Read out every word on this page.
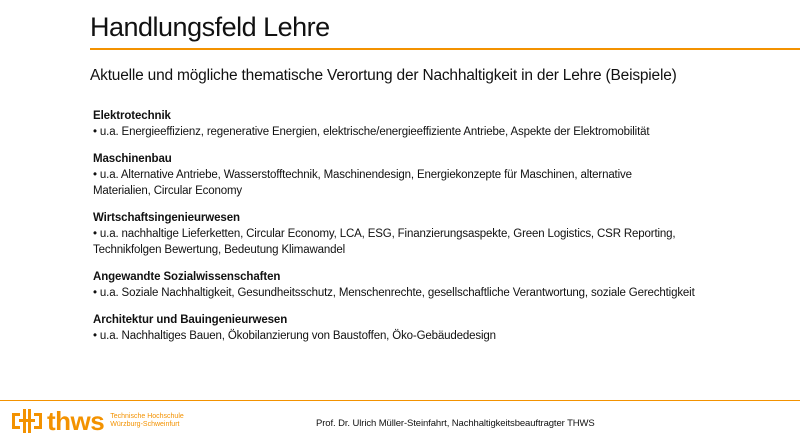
Handlungsfeld Lehre
Aktuelle und mögliche thematische Verortung der Nachhaltigkeit in der Lehre (Beispiele)
Elektrotechnik
• u.a. Energieeffizienz, regenerative Energien, elektrische/energieeffiziente Antriebe, Aspekte der Elektromobilität
Maschinenbau
• u.a. Alternative Antriebe, Wasserstofftechnik, Maschinendesign, Energiekonzepte für Maschinen, alternative
Materialien, Circular Economy
Wirtschaftsingenieurwesen
• u.a. nachhaltige Lieferketten, Circular Economy, LCA, ESG, Finanzierungsaspekte, Green Logistics, CSR Reporting,
Technikfolgen Bewertung, Bedeutung Klimawandel
Angewandte Sozialwissenschaften
• u.a. Soziale Nachhaltigkeit, Gesundheitsschutz, Menschenrechte, gesellschaftliche Verantwortung, soziale Gerechtigkeit
Architektur und Bauingenieurwesen
• u.a. Nachhaltiges Bauen, Ökobilanzierung von Baustoffen, Öko-Gebäudedesign
thws Technische Hochschule
Würzburg-Schweinfurt	Prof. Dr. Ulrich Müller-Steinfahrt, Nachhaltigkeitsbeauftragter THWS
